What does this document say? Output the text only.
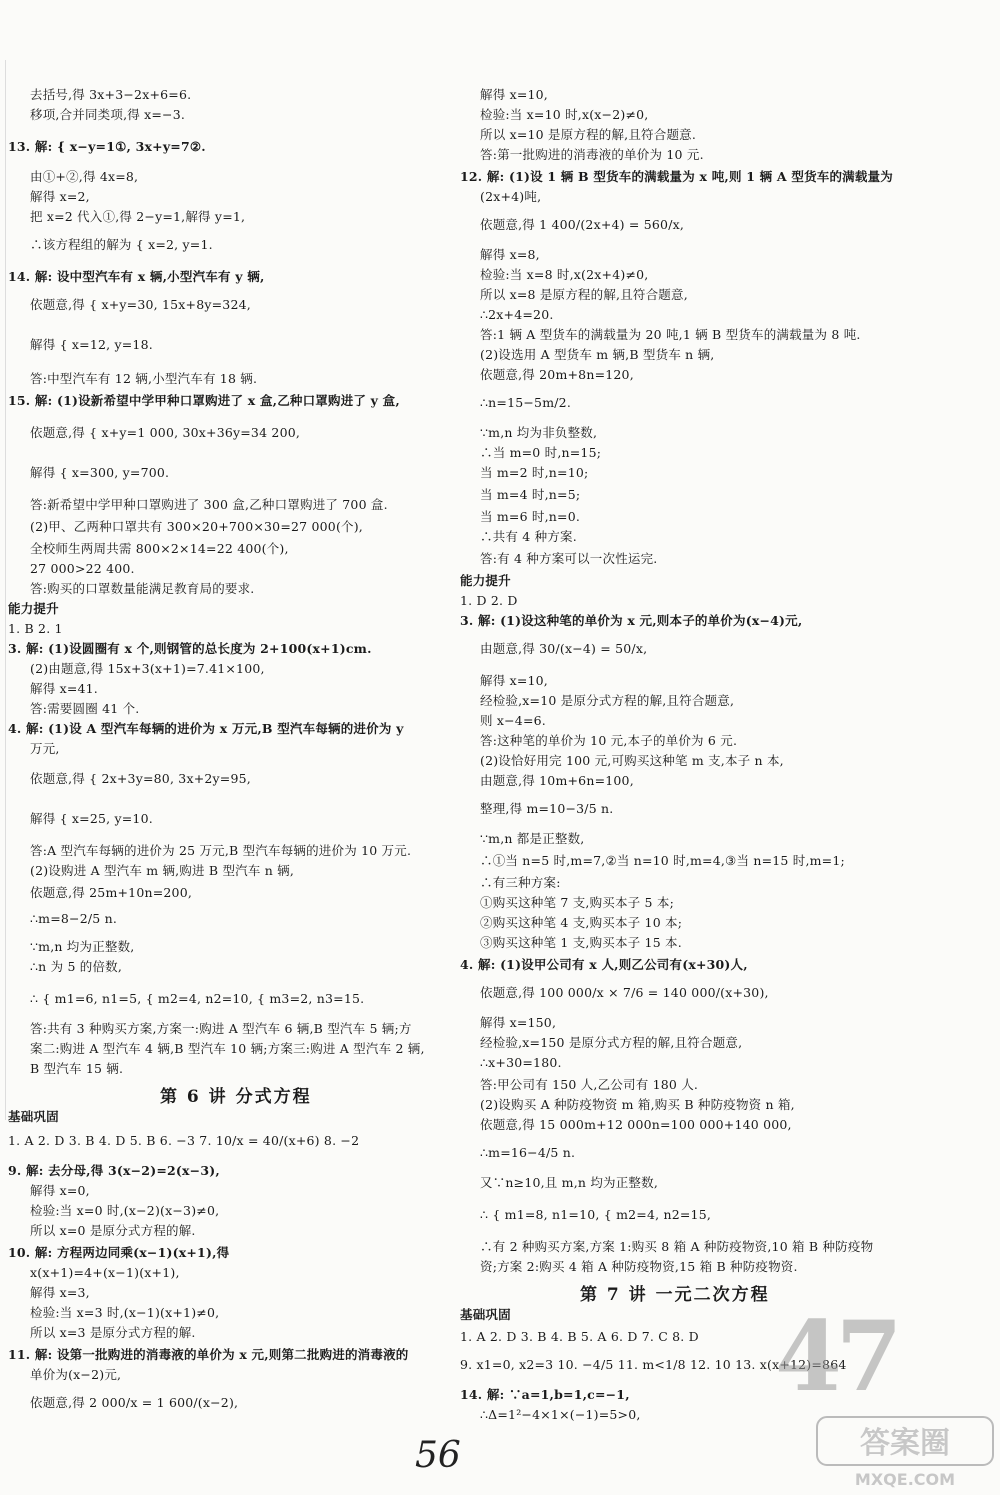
去括号,得 3x+3−2x+6=6.
移项,合并同类项,得 x=−3.
13. 解: { x−y=1①, 3x+y=7②.
由①+②,得 4x=8,
解得 x=2,
把 x=2 代入①,得 2−y=1,解得 y=1,
∴该方程组的解为 { x=2, y=1.
14. 解: 设中型汽车有 x 辆,小型汽车有 y 辆,
依题意,得 { x+y=30, 15x+8y=324,
解得 { x=12, y=18.
答:中型汽车有 12 辆,小型汽车有 18 辆.
15. 解: (1)设新希望中学甲种口罩购进了 x 盒,乙种口罩购进了 y 盒,
依题意,得 { x+y=1 000, 30x+36y=34 200,
解得 { x=300, y=700.
答:新希望中学甲种口罩购进了 300 盒,乙种口罩购进了 700 盒.
(2)甲、乙两种口罩共有 300×20+700×30=27 000(个),
全校师生两周共需 800×2×14=22 400(个),
27 000>22 400.
答:购买的口罩数量能满足教育局的要求.
能力提升
1. B 2. 1
3. 解: (1)设圆圈有 x 个,则钢管的总长度为 2+100(x+1)cm.
(2)由题意,得 15x+3(x+1)=7.41×100,
解得 x=41.
答:需要圆圈 41 个.
4. 解: (1)设 A 型汽车每辆的进价为 x 万元,B 型汽车每辆的进价为 y
万元,
依题意,得 { 2x+3y=80, 3x+2y=95,
解得 { x=25, y=10.
答:A 型汽车每辆的进价为 25 万元,B 型汽车每辆的进价为 10 万元.
(2)设购进 A 型汽车 m 辆,购进 B 型汽车 n 辆,
依题意,得 25m+10n=200,
∴m=8−2/5 n.
∵m,n 均为正整数,
∴n 为 5 的倍数,
∴ { m1=6, n1=5, { m2=4, n2=10, { m3=2, n3=15.
答:共有 3 种购买方案,方案一:购进 A 型汽车 6 辆,B 型汽车 5 辆;方
案二:购进 A 型汽车 4 辆,B 型汽车 10 辆;方案三:购进 A 型汽车 2 辆,
B 型汽车 15 辆.
第 6 讲 分式方程
基础巩固
1. A 2. D 3. B 4. D 5. B 6. −3 7. 10/x = 40/(x+6) 8. −2
9. 解: 去分母,得 3(x−2)=2(x−3),
解得 x=0,
检验:当 x=0 时,(x−2)(x−3)≠0,
所以 x=0 是原分式方程的解.
10. 解: 方程两边同乘(x−1)(x+1),得
x(x+1)=4+(x−1)(x+1),
解得 x=3,
检验:当 x=3 时,(x−1)(x+1)≠0,
所以 x=3 是原分式方程的解.
11. 解: 设第一批购进的消毒液的单价为 x 元,则第二批购进的消毒液的
单价为(x−2)元,
依题意,得 2 000/x = 1 600/(x−2),
解得 x=10,
检验:当 x=10 时,x(x−2)≠0,
所以 x=10 是原方程的解,且符合题意.
答:第一批购进的消毒液的单价为 10 元.
12. 解: (1)设 1 辆 B 型货车的满载量为 x 吨,则 1 辆 A 型货车的满载量为
(2x+4)吨,
依题意,得 1 400/(2x+4) = 560/x,
解得 x=8,
检验:当 x=8 时,x(2x+4)≠0,
所以 x=8 是原方程的解,且符合题意,
∴2x+4=20.
答:1 辆 A 型货车的满载量为 20 吨,1 辆 B 型货车的满载量为 8 吨.
(2)设选用 A 型货车 m 辆,B 型货车 n 辆,
依题意,得 20m+8n=120,
∴n=15−5m/2.
∵m,n 均为非负整数,
∴当 m=0 时,n=15;
当 m=2 时,n=10;
当 m=4 时,n=5;
当 m=6 时,n=0.
∴共有 4 种方案.
答:有 4 种方案可以一次性运完.
能力提升
1. D 2. D
3. 解: (1)设这种笔的单价为 x 元,则本子的单价为(x−4)元,
由题意,得 30/(x−4) = 50/x,
解得 x=10,
经检验,x=10 是原分式方程的解,且符合题意,
则 x−4=6.
答:这种笔的单价为 10 元,本子的单价为 6 元.
(2)设恰好用完 100 元,可购买这种笔 m 支,本子 n 本,
由题意,得 10m+6n=100,
整理,得 m=10−3/5 n.
∵m,n 都是正整数,
∴①当 n=5 时,m=7,②当 n=10 时,m=4,③当 n=15 时,m=1;
∴有三种方案:
①购买这种笔 7 支,购买本子 5 本;
②购买这种笔 4 支,购买本子 10 本;
③购买这种笔 1 支,购买本子 15 本.
4. 解: (1)设甲公司有 x 人,则乙公司有(x+30)人,
依题意,得 100 000/x × 7/6 = 140 000/(x+30),
解得 x=150,
经检验,x=150 是原分式方程的解,且符合题意,
∴x+30=180.
答:甲公司有 150 人,乙公司有 180 人.
(2)设购买 A 种防疫物资 m 箱,购买 B 种防疫物资 n 箱,
依题意,得 15 000m+12 000n=100 000+140 000,
∴m=16−4/5 n.
又∵n≥10,且 m,n 均为正整数,
∴ { m1=8, n1=10, { m2=4, n2=15,
∴有 2 种购买方案,方案 1:购买 8 箱 A 种防疫物资,10 箱 B 种防疫物
资;方案 2:购买 4 箱 A 种防疫物资,15 箱 B 种防疫物资.
第 7 讲 一元二次方程
基础巩固
1. A 2. D 3. B 4. B 5. A 6. D 7. C 8. D
9. x1=0, x2=3 10. −4/5 11. m<1/8 12. 10 13. x(x+12)=864
14. 解: ∵a=1,b=1,c=−1,
∴Δ=1²−4×1×(−1)=5>0,
47
56	答案圈
MXQE.COM
